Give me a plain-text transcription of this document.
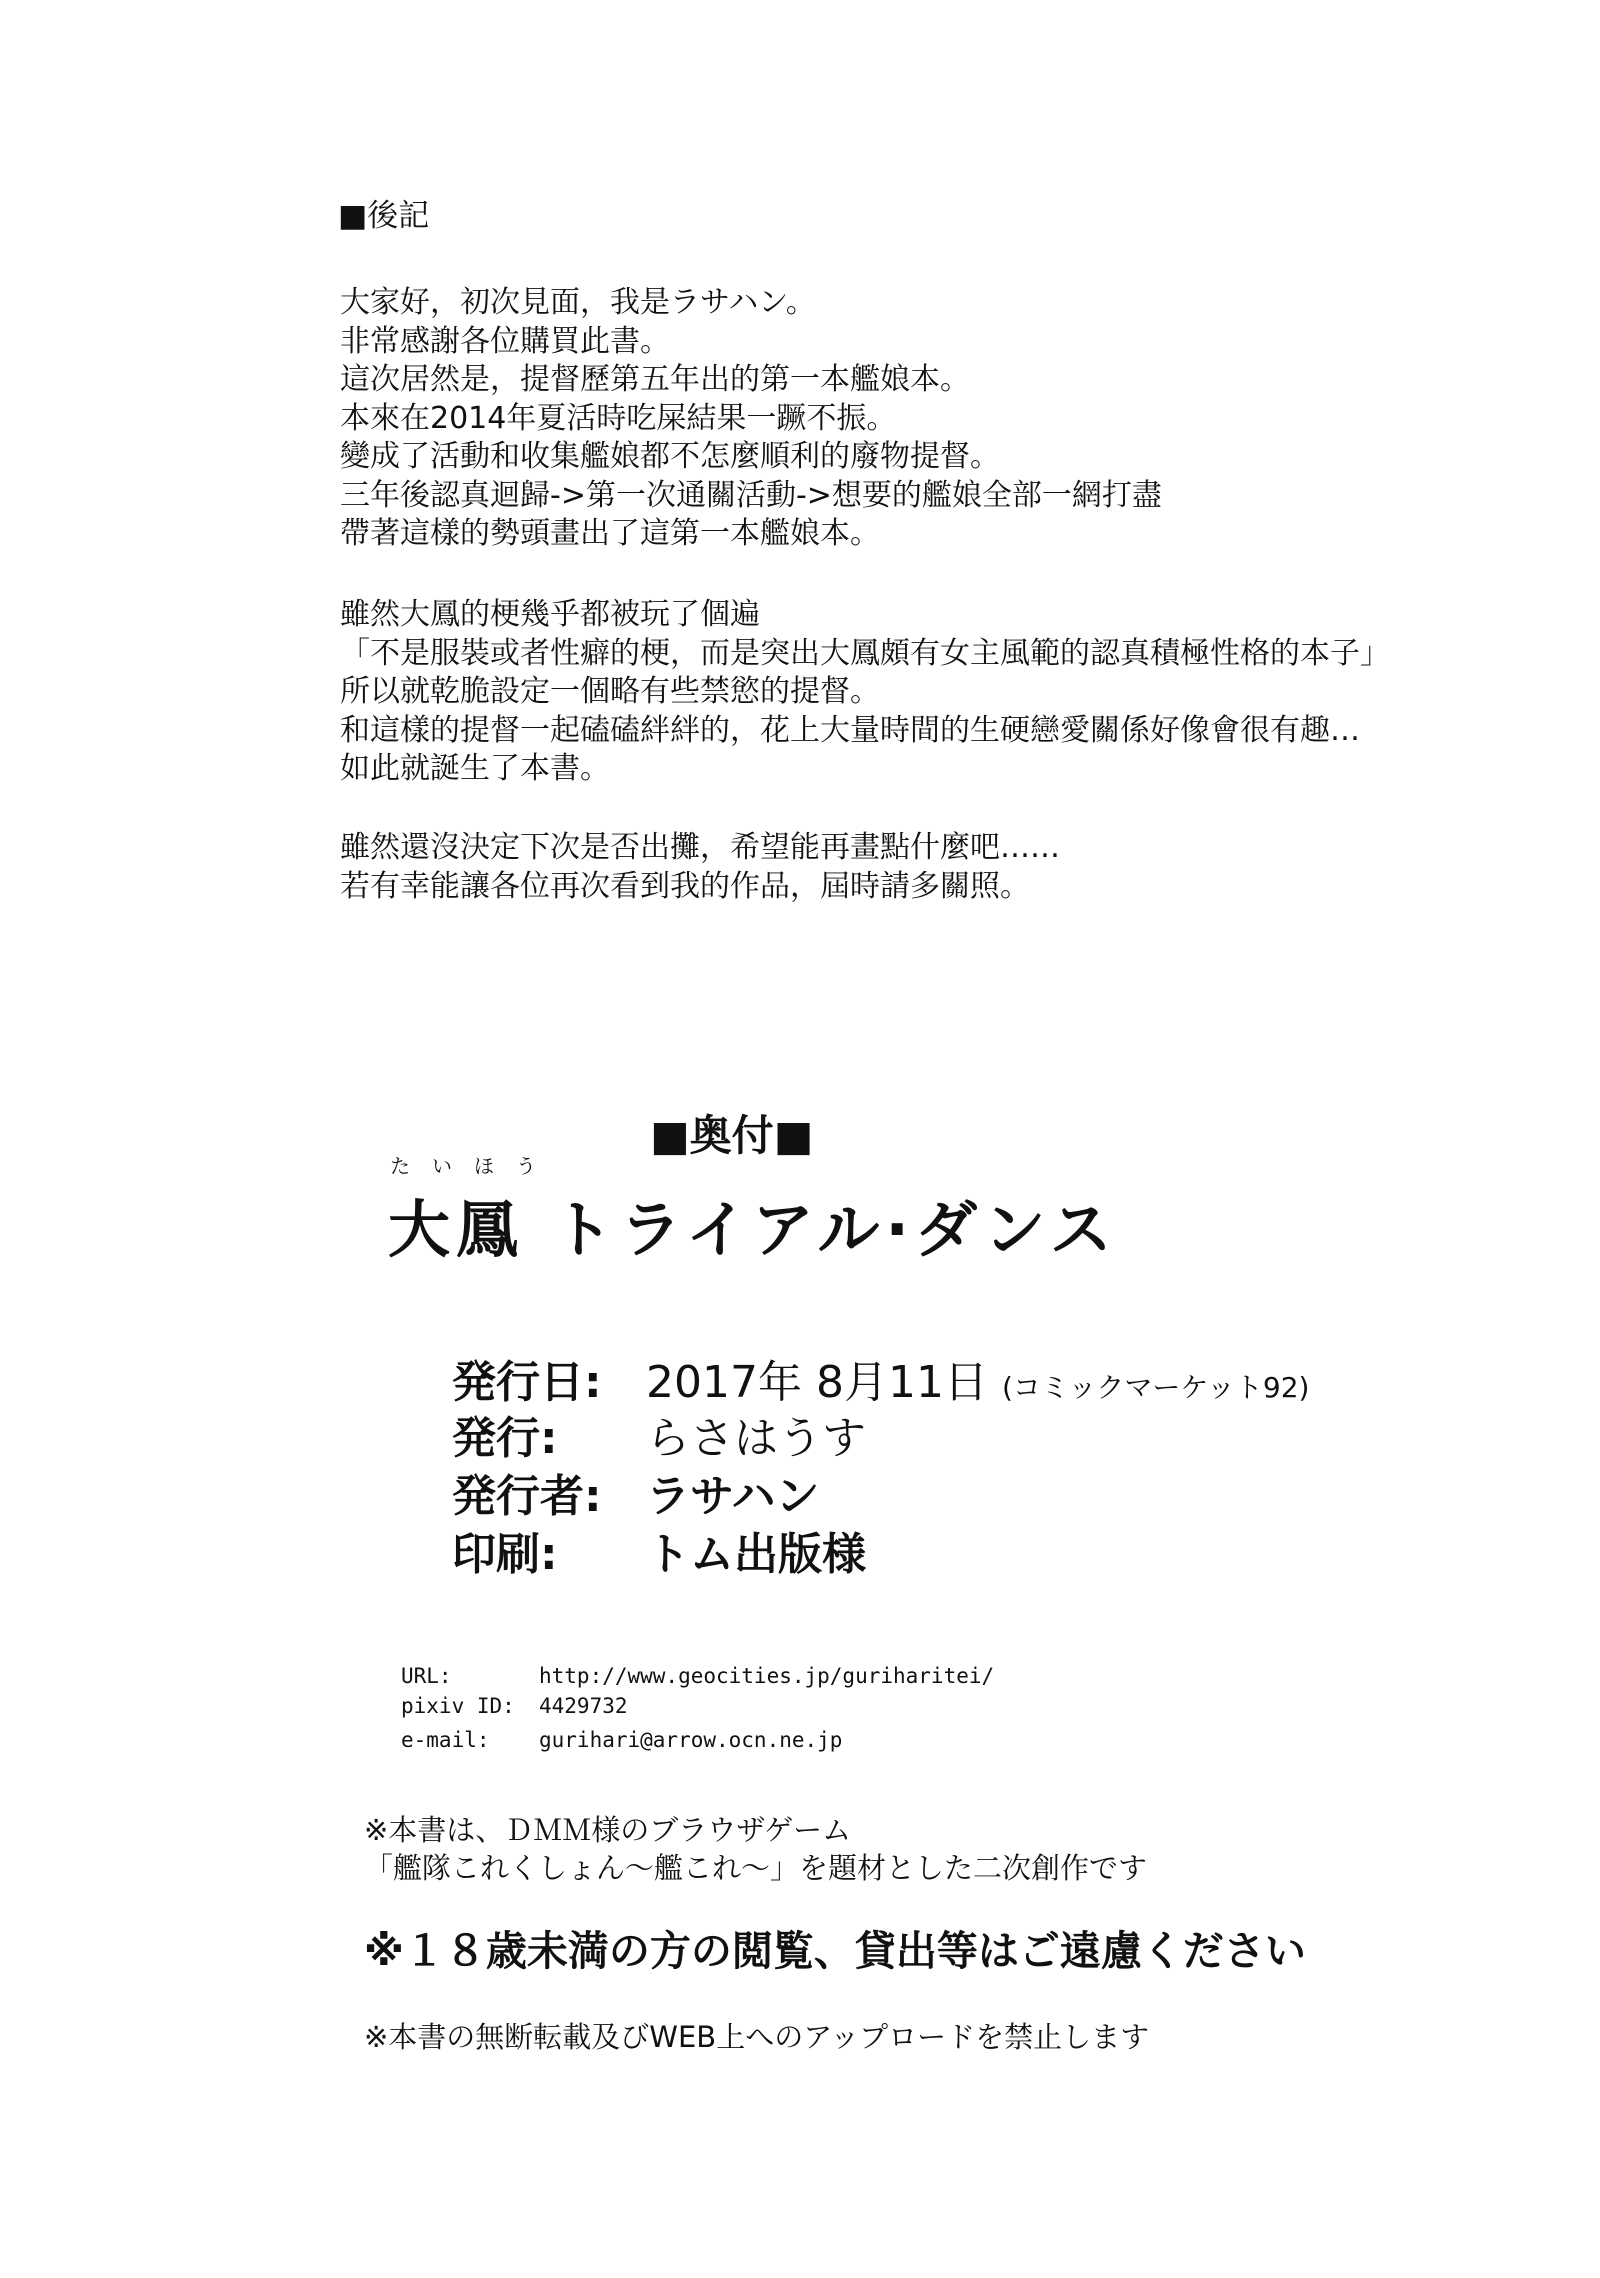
■後記
大家好，初次見面，我是ラサハン。
非常感謝各位購買此書。
這次居然是，提督歷第五年出的第一本艦娘本。
本來在2014年夏活時吃屎結果一蹶不振。
變成了活動和收集艦娘都不怎麼順利的廢物提督。
三年後認真迴歸->第一次通關活動->想要的艦娘全部一網打盡
帶著這樣的勢頭畫出了這第一本艦娘本。
雖然大鳳的梗幾乎都被玩了個遍
「不是服裝或者性癖的梗，而是突出大鳳頗有女主風範的認真積極性格的本子」
所以就乾脆設定一個略有些禁慾的提督。
和這樣的提督一起磕磕絆絆的，花上大量時間的生硬戀愛關係好像會很有趣…
如此就誕生了本書。
雖然還沒決定下次是否出攤，希望能再畫點什麼吧……
若有幸能讓各位再次看到我的作品，屆時請多關照。
■奥付■
たいほう
大鳳 トライアル·ダンス
発行日: 2017年 8月11日 (コミックマーケット92)
発行: らさはうす
発行者: ラサハン
印刷: トム出版様
URL:	http://www.geocities.jp/guriharitei/
pixiv ID: 4429732
e-mail: gurihari@arrow.ocn.ne.jp
※本書は、ＤＭＭ様のブラウザゲーム
「艦隊これくしょん～艦これ～」を題材とした二次創作です
※１８歳未満の方の閲覧、貸出等はご遠慮ください
※本書の無断転載及びWEB上へのアップロードを禁止します
